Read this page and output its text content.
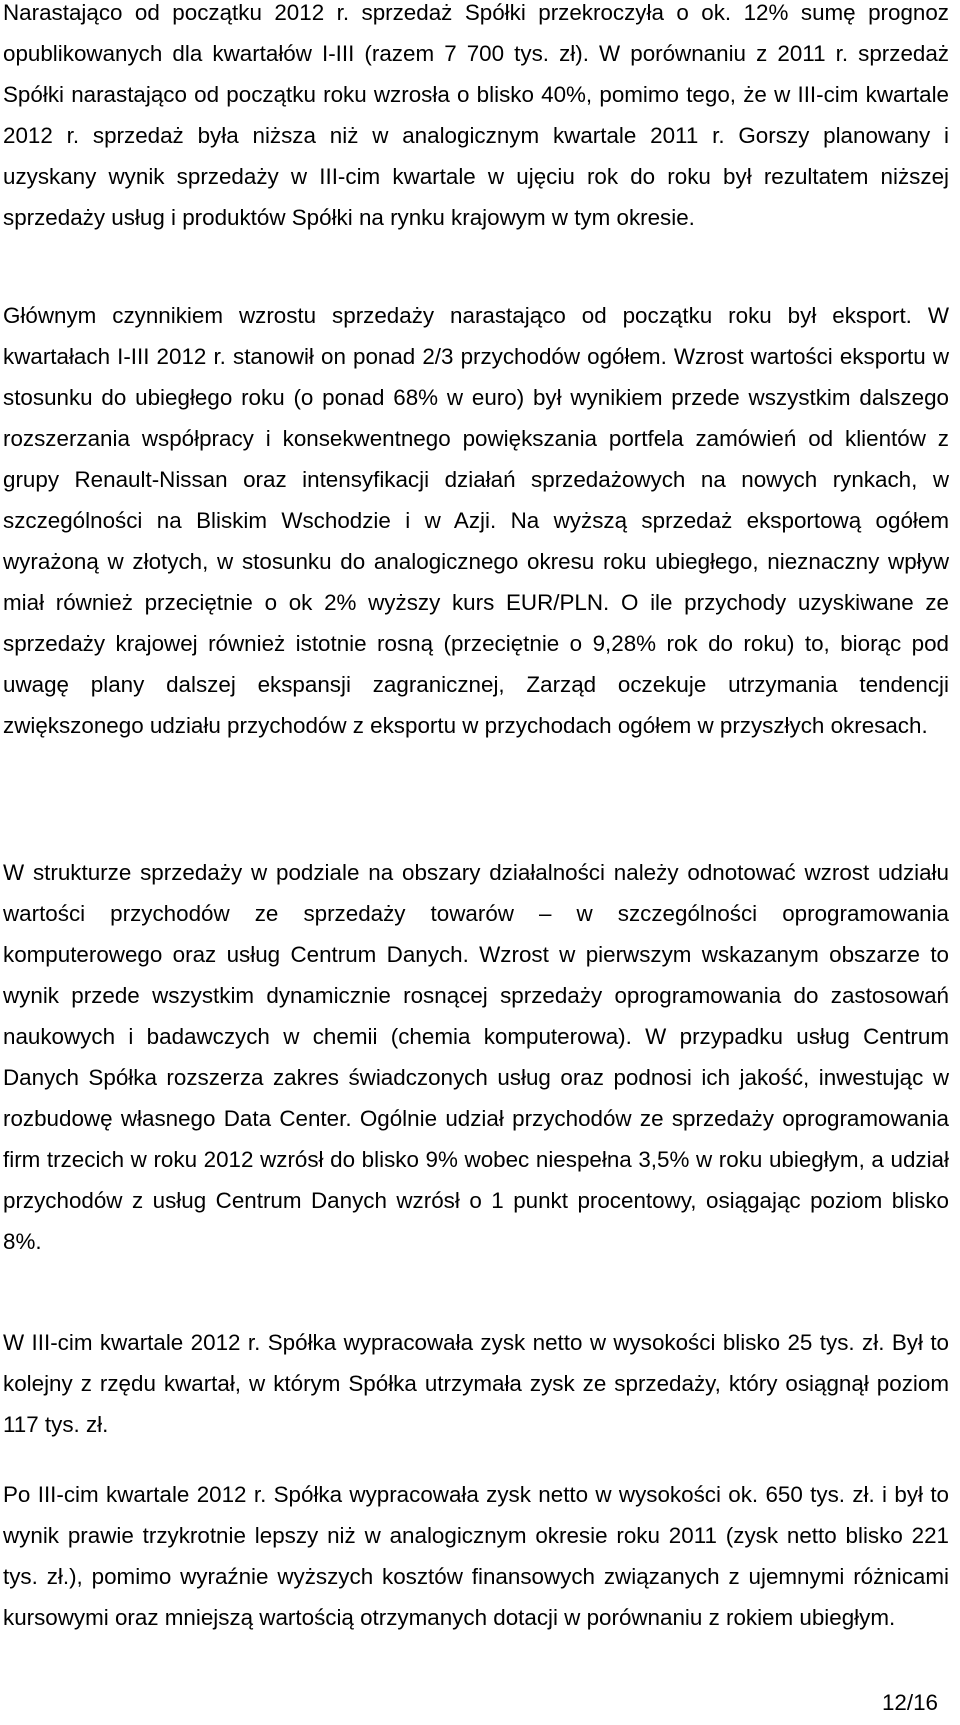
Narastająco od początku 2012 r. sprzedaż Spółki przekroczyła o ok. 12% sumę prognoz opublikowanych dla kwartałów I-III (razem 7 700 tys. zł). W porównaniu z 2011 r. sprzedaż Spółki narastająco od początku roku wzrosła o blisko 40%, pomimo tego, że w III-cim kwartale 2012 r. sprzedaż była niższa niż w analogicznym kwartale 2011 r. Gorszy planowany i uzyskany wynik sprzedaży w III-cim kwartale w ujęciu rok do roku był rezultatem niższej sprzedaży usług i produktów Spółki na rynku krajowym w tym okresie.

Głównym czynnikiem wzrostu sprzedaży narastająco od początku roku był eksport. W kwartałach I-III 2012 r. stanowił on ponad 2/3 przychodów ogółem. Wzrost wartości eksportu w stosunku do ubiegłego roku (o ponad 68% w euro) był wynikiem przede wszystkim dalszego rozszerzania współpracy i konsekwentnego powiększania portfela zamówień od klientów z grupy Renault-Nissan oraz intensyfikacji działań sprzedażowych na nowych rynkach, w szczególności na Bliskim Wschodzie i w Azji. Na wyższą sprzedaż eksportową ogółem wyrażoną w złotych, w stosunku do analogicznego okresu roku ubiegłego, nieznaczny wpływ miał również przeciętnie o ok 2% wyższy kurs EUR/PLN. O ile przychody uzyskiwane ze sprzedaży krajowej również istotnie rosną (przeciętnie o 9,28% rok do roku) to, biorąc pod uwagę plany dalszej ekspansji zagranicznej, Zarząd oczekuje utrzymania tendencji zwiększonego udziału przychodów z eksportu w przychodach ogółem w przyszłych okresach.

W strukturze sprzedaży w podziale na obszary działalności należy odnotować wzrost udziału wartości przychodów ze sprzedaży towarów – w szczególności oprogramowania komputerowego oraz usług Centrum Danych. Wzrost w pierwszym wskazanym obszarze to wynik przede wszystkim dynamicznie rosnącej sprzedaży oprogramowania do zastosowań naukowych i badawczych w chemii (chemia komputerowa). W przypadku usług Centrum Danych Spółka rozszerza zakres świadczonych usług oraz podnosi ich jakość, inwestując w rozbudowę własnego Data Center. Ogólnie udział przychodów ze sprzedaży oprogramowania firm trzecich w roku 2012 wzrósł do blisko 9% wobec niespełna 3,5% w roku ubiegłym, a udział przychodów z usług Centrum Danych wzrósł o 1 punkt procentowy, osiągając poziom blisko 8%.

W III-cim kwartale 2012 r. Spółka wypracowała zysk netto w wysokości blisko 25 tys. zł. Był to kolejny z rzędu kwartał, w którym Spółka utrzymała zysk ze sprzedaży, który osiągnął poziom 117 tys. zł.

Po III-cim kwartale 2012 r. Spółka wypracowała zysk netto w wysokości ok. 650 tys. zł. i był to wynik prawie trzykrotnie lepszy niż w analogicznym okresie roku 2011 (zysk netto blisko 221 tys. zł.), pomimo wyraźnie wyższych kosztów finansowych związanych z ujemnymi różnicami kursowymi oraz mniejszą wartością otrzymanych dotacji w porównaniu z rokiem ubiegłym.

12/16
